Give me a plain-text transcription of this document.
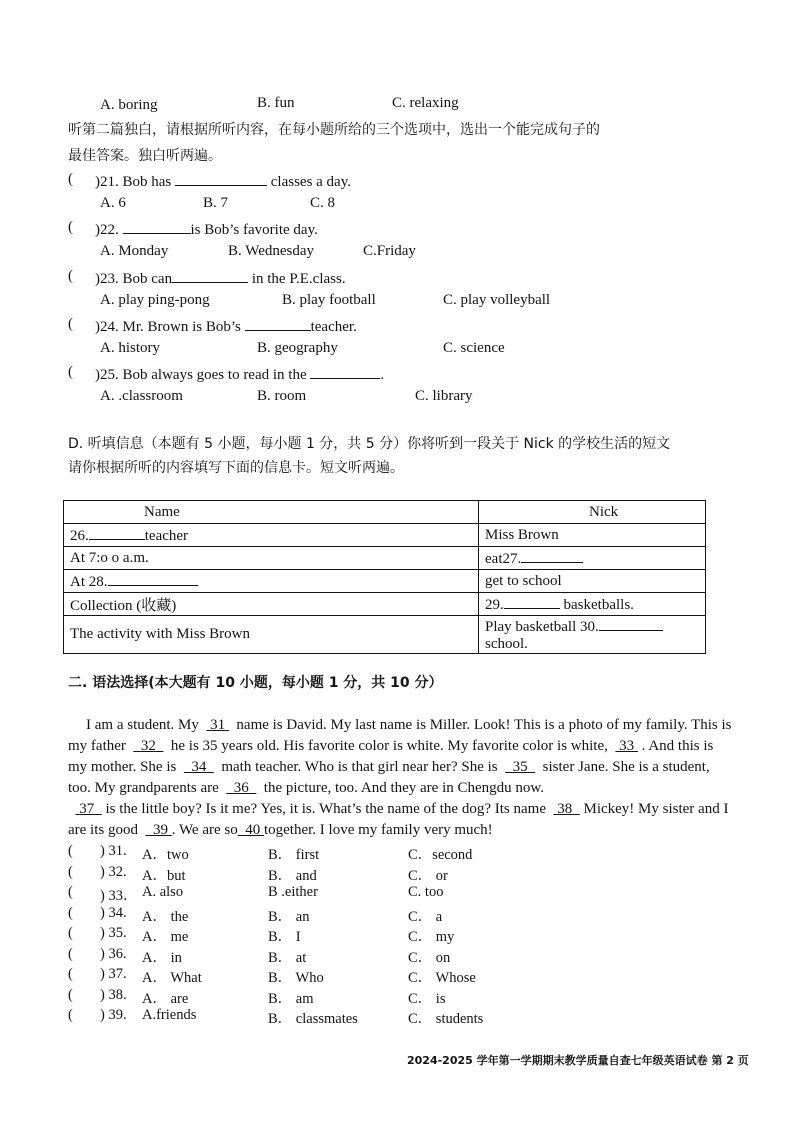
A. boring	B. fun	C. relaxing
听第二篇独白，请根据所听内容，在每小题所给的三个选项中，选出一个能完成句子的
最佳答案。独白听两遍。
( )21. Bob has	classes a day.
A. 6	B. 7	C. 8
( )22.	is Bob’s favorite day.
A. Monday	B. Wednesday	C.Friday
( )23. Bob can	in the P.E.class.
A. play ping-pong	B. play football	C. play volleyball
( )24. Mr. Brown is Bob’s	teacher.
A. history	B. geography	C. science
( )25. Bob always goes to read in the	.
A. .classroom	B. room	C. library
D. 听填信息（本题有 5 小题，每小题 1 分，共 5 分）你将听到一段关于 Nick 的学校生活的短文
请你根据所听的内容填写下面的信息卡。短文听两遍。
Name	Nick
26. teacher	Miss Brown
At 7:o o a.m.	eat27.
At 28.	get to school
Collection (收藏)	29. basketballs.
The activity with Miss Brown	Play basketball 30. school.
二. 语法选择(本大题有 10 小题，每小题 1 分，共 10 分）
I am a student. My 31 name is David. My last name is Miller. Look! This is a photo of my family. This is my father 32 he is 35 years old. His favorite color is white. My favorite color is white, 33 . And this is my mother. She is 34 math teacher. Who is that girl near her? She is 35 sister Jane. She is a student, too. My grandparents are 36 the picture, too. And they are in Chengdu now.
37 is the little boy? Is it me? Yes, it is. What’s the name of the dog? Its name 38 Mickey! My sister and I are its good 39 . We are so 40 together. I love my family very much!
( ) 31. A．two	B． first	C．second
( ) 32. A．but	B． and	C． or
( ) 33． A. also	B .either	C. too
( ) 34. A． the	B． an	C． a
( ) 35. A． me	B． I	C． my
( ) 36. A． in	B． at	C． on
( ) 37. A． What	B． Who	C． Whose
( ) 38. A． are	B． am	C． is
( ) 39. A.friends	B． classmates	C． students
2024-2025 学年第一学期期末教学质量自查七年级英语试卷 第 2 页
